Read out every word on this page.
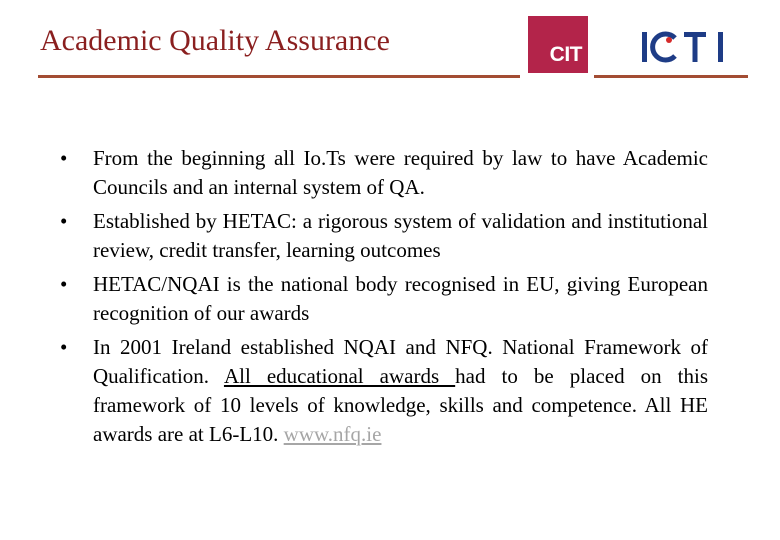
Academic Quality Assurance	CIT
• From the beginning all Io.Ts were required by law to have Academic Councils and an internal system of QA.
• Established by HETAC: a rigorous system of validation and institutional review, credit transfer, learning outcomes
• HETAC/NQAI is the national body recognised in EU, giving European recognition of our awards
• In 2001 Ireland established NQAI and NFQ. National Framework of Qualification. All educational awards had to be placed on this framework of 10 levels of knowledge, skills and competence. All HE awards are at L6-L10. www.nfq.ie
